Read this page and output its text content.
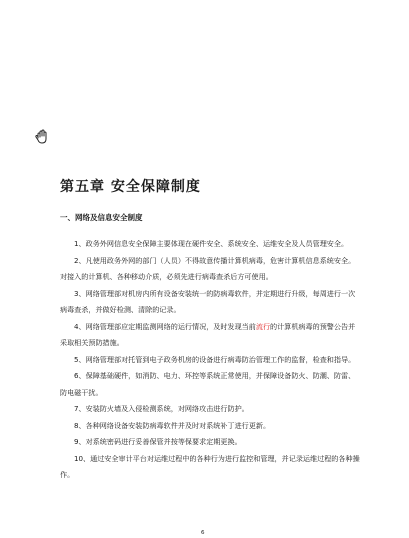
第五章 安全保障制度
一、网络及信息安全制度

1、政务外网信息安全保障主要体现在硬件安全、系统安全、运维安全及人员管理安全。

2、凡使用政务外网的部门（人员）不得故意传播计算机病毒，危害计算机信息系统安全。对接入的计算机、各种移动介质，必须先进行病毒查杀后方可使用。

3、网络管理部对机房内所有设备安装统一的防病毒软件，并定期进行升级，每周进行一次病毒查杀，并做好检测、清除的记录。

4、网络管理部应定期监测网络的运行情况，及时发现当前流行的计算机病毒的预警公告并采取相关预防措施。

5、网络管理部对托管到电子政务机房的设备进行病毒防治管理工作的监督，检查和指导。

6、保障基础硬件，如消防、电力、环控等系统正常使用，并保障设备防火、防潮、防雷、防电磁干扰。

7、安装防火墙及入侵检测系统，对网络攻击进行防护。

8、各种网络设备安装防病毒软件并及时对系统补丁进行更新。

9、对系统密码进行妥善保管并按等保要求定期更换。

10、通过安全审计平台对运维过程中的各种行为进行监控和管理，并记录运维过程的各种操作。

6
